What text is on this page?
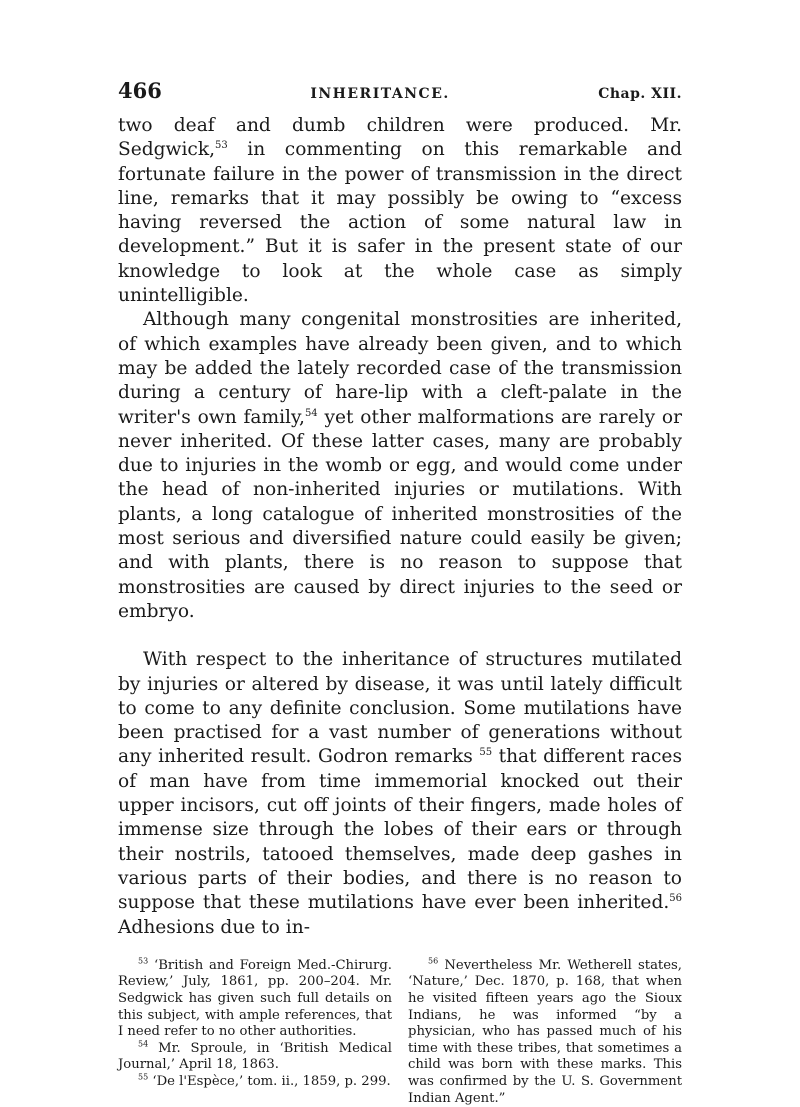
466	INHERITANCE.	Chap. XII.

two deaf and dumb children were produced. Mr. Sedgwick,$^{53}$ in commenting on this remarkable and fortunate failure in the power of transmission in the direct line, remarks that it may possibly be owing to “excess having reversed the action of some natural law in development.” But it is safer in the present state of our knowledge to look at the whole case as simply unintelligible.

Although many congenital monstrosities are inherited, of which examples have already been given, and to which may be added the lately recorded case of the transmission during a century of hare-lip with a cleft-palate in the writer's own family,$^{54}$ yet other malformations are rarely or never inherited. Of these latter cases, many are probably due to injuries in the womb or egg, and would come under the head of non-inherited injuries or mutilations. With plants, a long catalogue of inherited monstrosities of the most serious and diversified nature could easily be given; and with plants, there is no reason to suppose that monstrosities are caused by direct injuries to the seed or embryo.

With respect to the inheritance of structures mutilated by injuries or altered by disease, it was until lately difficult to come to any definite conclusion. Some mutilations have been practised for a vast number of generations without any inherited result. Godron remarks $^{55}$ that different races of man have from time immemorial knocked out their upper incisors, cut off joints of their fingers, made holes of immense size through the lobes of their ears or through their nostrils, tatooed themselves, made deep gashes in various parts of their bodies, and there is no reason to suppose that these mutilations have ever been inherited.$^{56}$ Adhesions due to in-

$^{53}$ ‘British and Foreign Med.-Chirurg. Review,’ July, 1861, pp. 200–204. Mr. Sedgwick has given such full details on this subject, with ample references, that I need refer to no other authorities.

$^{54}$ Mr. Sproule, in ‘British Medical Journal,’ April 18, 1863.

$^{55}$ ‘De l'Espèce,’ tom. ii., 1859, p. 299.

$^{56}$ Nevertheless Mr. Wetherell states, ‘Nature,’ Dec. 1870, p. 168, that when he visited fifteen years ago the Sioux Indians, he was informed “by a physician, who has passed much of his time with these tribes, that sometimes a child was born with these marks. This was confirmed by the U. S. Government Indian Agent.”
